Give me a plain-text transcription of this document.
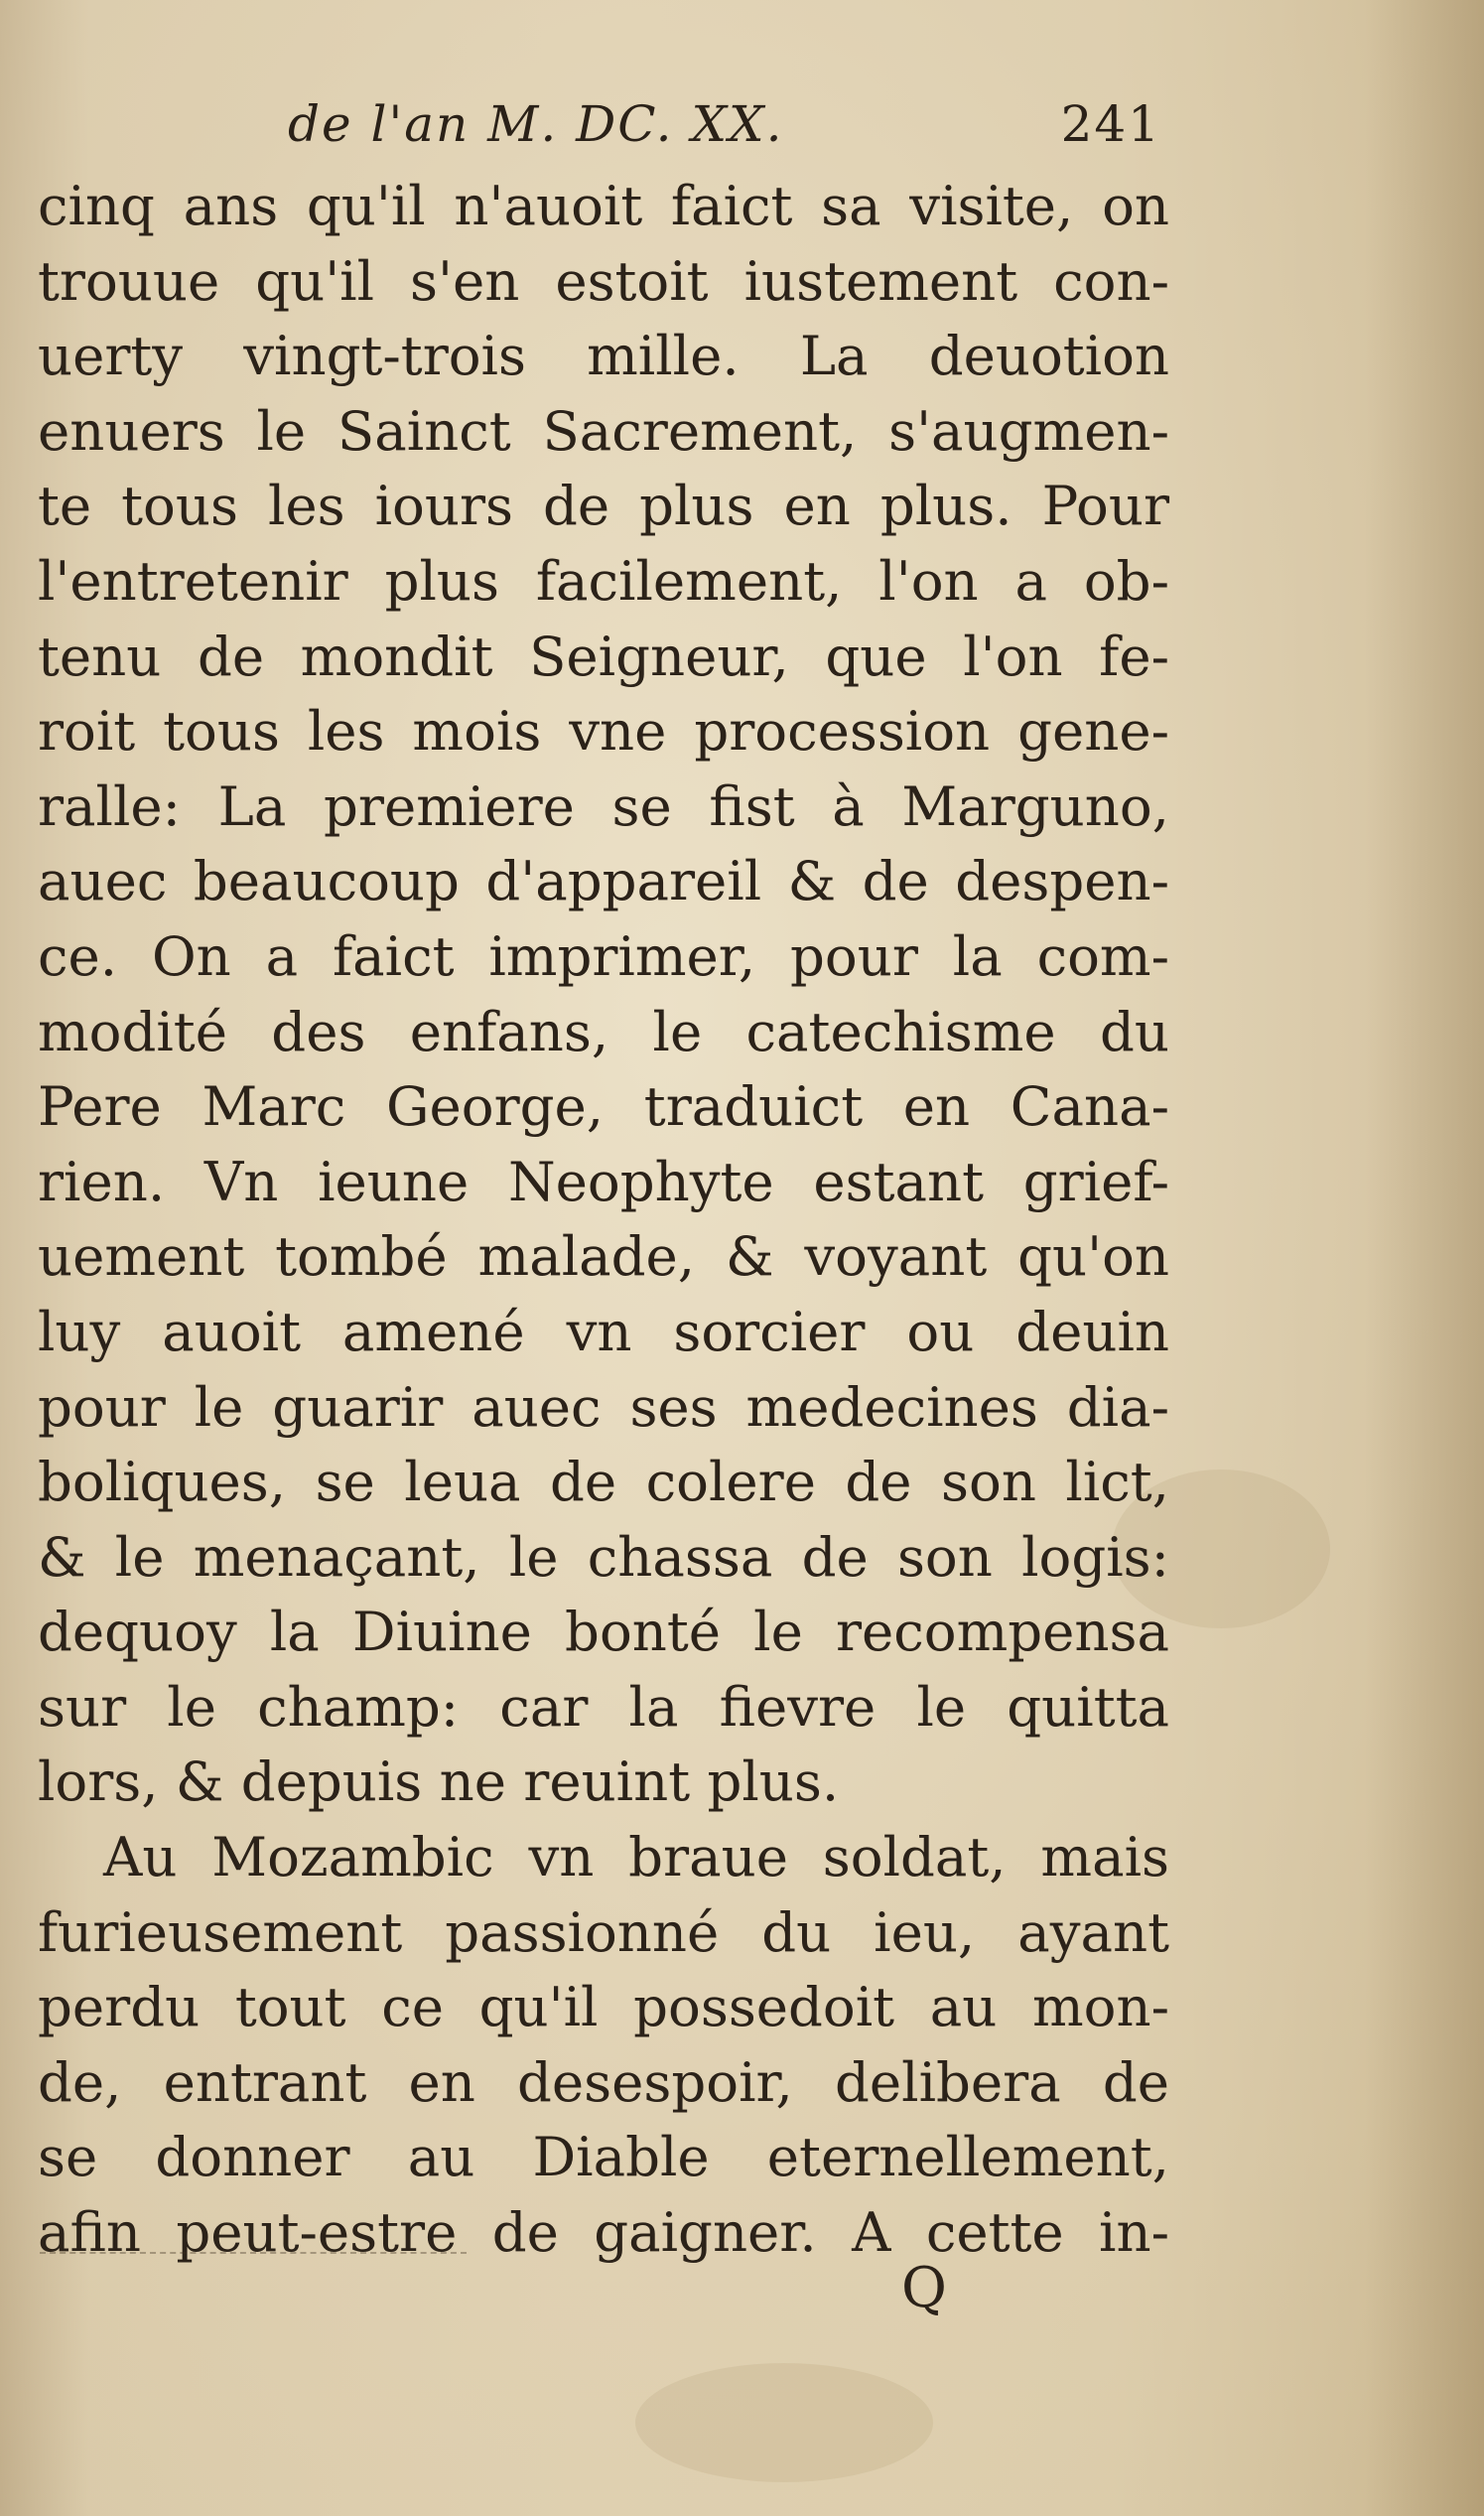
de l'an M. DC. XX.	241
cinq ans qu'il n'auoit faict sa visite, on
trouue qu'il s'en estoit iustement con-
uerty vingt-trois mille. La deuotion
enuers le Sainct Sacrement, s'augmen-
te tous les iours de plus en plus. Pour
l'entretenir plus facilement, l'on a ob-
tenu de mondit Seigneur, que l'on fe-
roit tous les mois vne procession gene-
ralle: La premiere se fist à Marguno,
auec beaucoup d'appareil & de despen-
ce. On a faict imprimer, pour la com-
modité des enfans, le catechisme du
Pere Marc George, traduict en Cana-
rien. Vn ieune Neophyte estant grief-
uement tombé malade, & voyant qu'on
luy auoit amené vn sorcier ou deuin
pour le guarir auec ses medecines dia-
boliques, se leua de colere de son lict,
& le menaçant, le chassa de son logis:
dequoy la Diuine bonté le recompensa
sur le champ: car la fievre le quitta
lors, & depuis ne reuint plus.
Au Mozambic vn braue soldat, mais
furieusement passionné du ieu, ayant
perdu tout ce qu'il possedoit au mon-
de, entrant en desespoir, delibera de
se donner au Diable eternellement,
afin peut-estre de gaigner. A cette in-
Q
